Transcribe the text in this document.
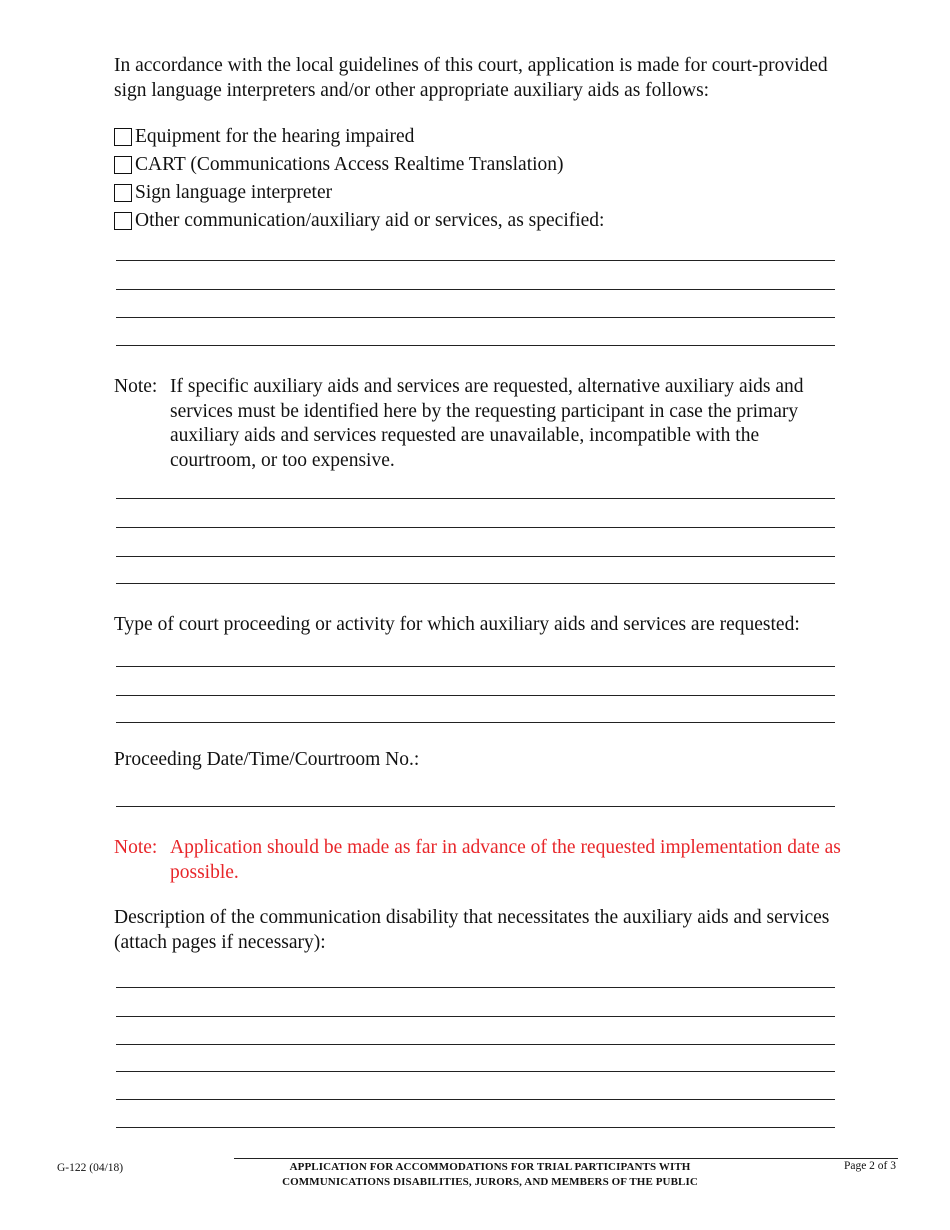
In accordance with the local guidelines of this court, application is made for court-provided sign language interpreters and/or other appropriate auxiliary aids as follows:
Equipment for the hearing impaired
CART (Communications Access Realtime Translation)
Sign language interpreter
Other communication/auxiliary aid or services, as specified:
Note: If specific auxiliary aids and services are requested, alternative auxiliary aids and services must be identified here by the requesting participant in case the primary auxiliary aids and services requested are unavailable, incompatible with the courtroom, or too expensive.
Type of court proceeding or activity for which auxiliary aids and services are requested:
Proceeding Date/Time/Courtroom No.:
Note: Application should be made as far in advance of the requested implementation date as possible.
Description of the communication disability that necessitates the auxiliary aids and services (attach pages if necessary):
G-122 (04/18)	APPLICATION FOR ACCOMMODATIONS FOR TRIAL PARTICIPANTS WITH
COMMUNICATIONS DISABILITIES, JURORS, AND MEMBERS OF THE PUBLIC
Page 2 of 3
